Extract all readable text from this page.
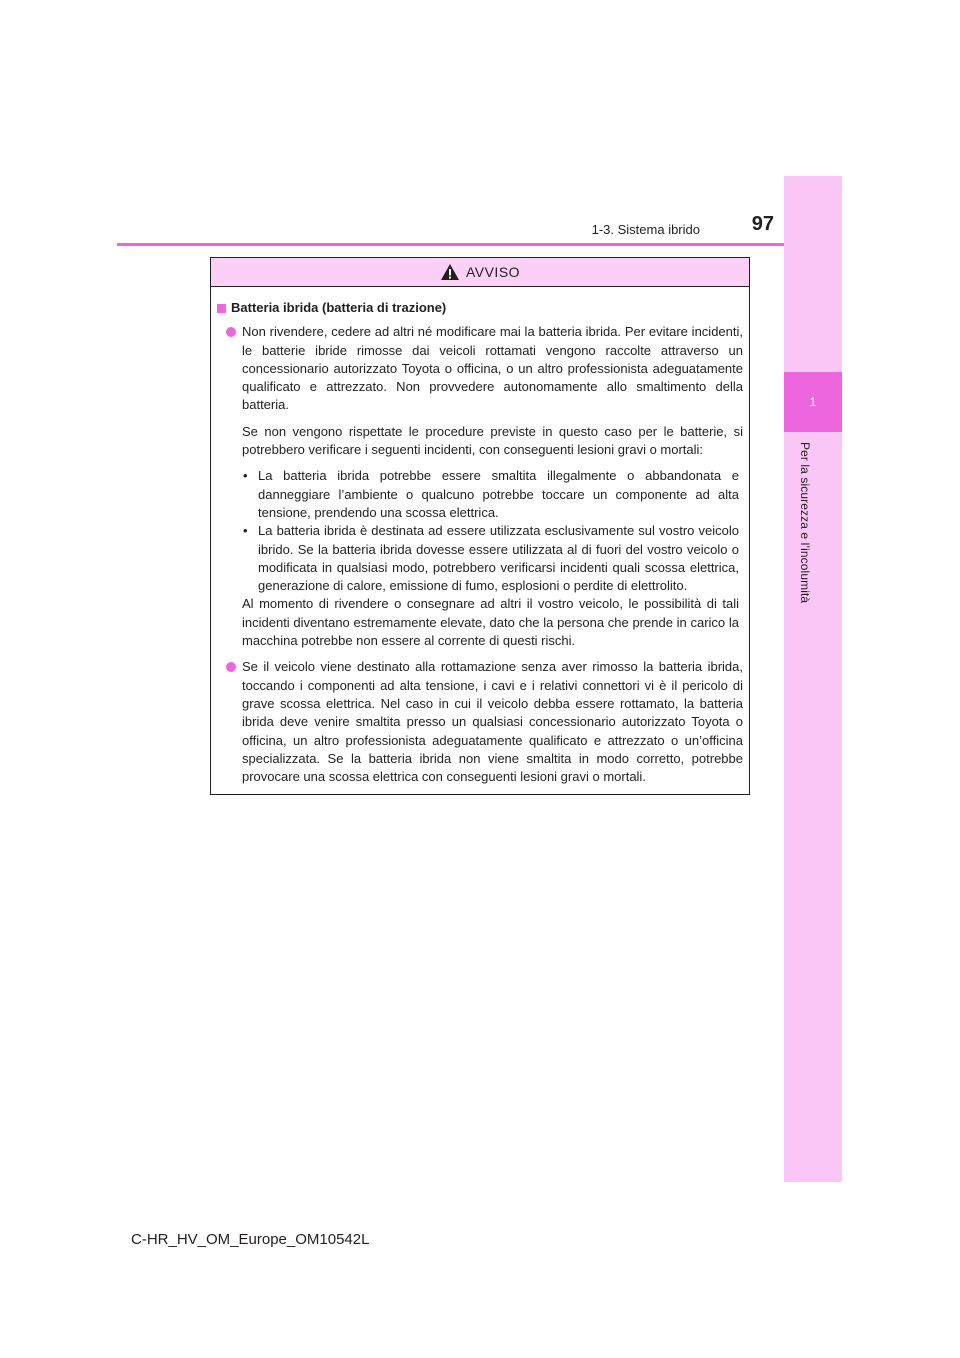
1
Per la sicurezza e l’incolumità
1-3. Sistema ibrido	97
AVVISO
Batteria ibrida (batteria di trazione)
Non rivendere, cedere ad altri né modificare mai la batteria ibrida. Per evitare incidenti, le batterie ibride rimosse dai veicoli rottamati vengono raccolte attraverso un concessionario autorizzato Toyota o officina, o un altro professionista adeguatamente qualificato e attrezzato. Non provvedere autonomamente allo smaltimento della batteria.
Se non vengono rispettate le procedure previste in questo caso per le batterie, si potrebbero verificare i seguenti incidenti, con conseguenti lesioni gravi o mortali:
• La batteria ibrida potrebbe essere smaltita illegalmente o abbandonata e danneggiare l’ambiente o qualcuno potrebbe toccare un componente ad alta tensione, prendendo una scossa elettrica.
• La batteria ibrida è destinata ad essere utilizzata esclusivamente sul vostro veicolo ibrido. Se la batteria ibrida dovesse essere utilizzata al di fuori del vostro veicolo o modificata in qualsiasi modo, potrebbero verificarsi incidenti quali scossa elettrica, generazione di calore, emissione di fumo, esplosioni o perdite di elettrolito.
Al momento di rivendere o consegnare ad altri il vostro veicolo, le possibilità di tali incidenti diventano estremamente elevate, dato che la persona che prende in carico la macchina potrebbe non essere al corrente di questi rischi.
Se il veicolo viene destinato alla rottamazione senza aver rimosso la batteria ibrida, toccando i componenti ad alta tensione, i cavi e i relativi connettori vi è il pericolo di grave scossa elettrica. Nel caso in cui il veicolo debba essere rottamato, la batteria ibrida deve venire smaltita presso un qualsiasi concessionario autorizzato Toyota o officina, un altro professionista adeguatamente qualificato e attrezzato o un’officina specializzata. Se la batteria ibrida non viene smaltita in modo corretto, potrebbe provocare una scossa elettrica con conseguenti lesioni gravi o mortali.
C-HR_HV_OM_Europe_OM10542L
